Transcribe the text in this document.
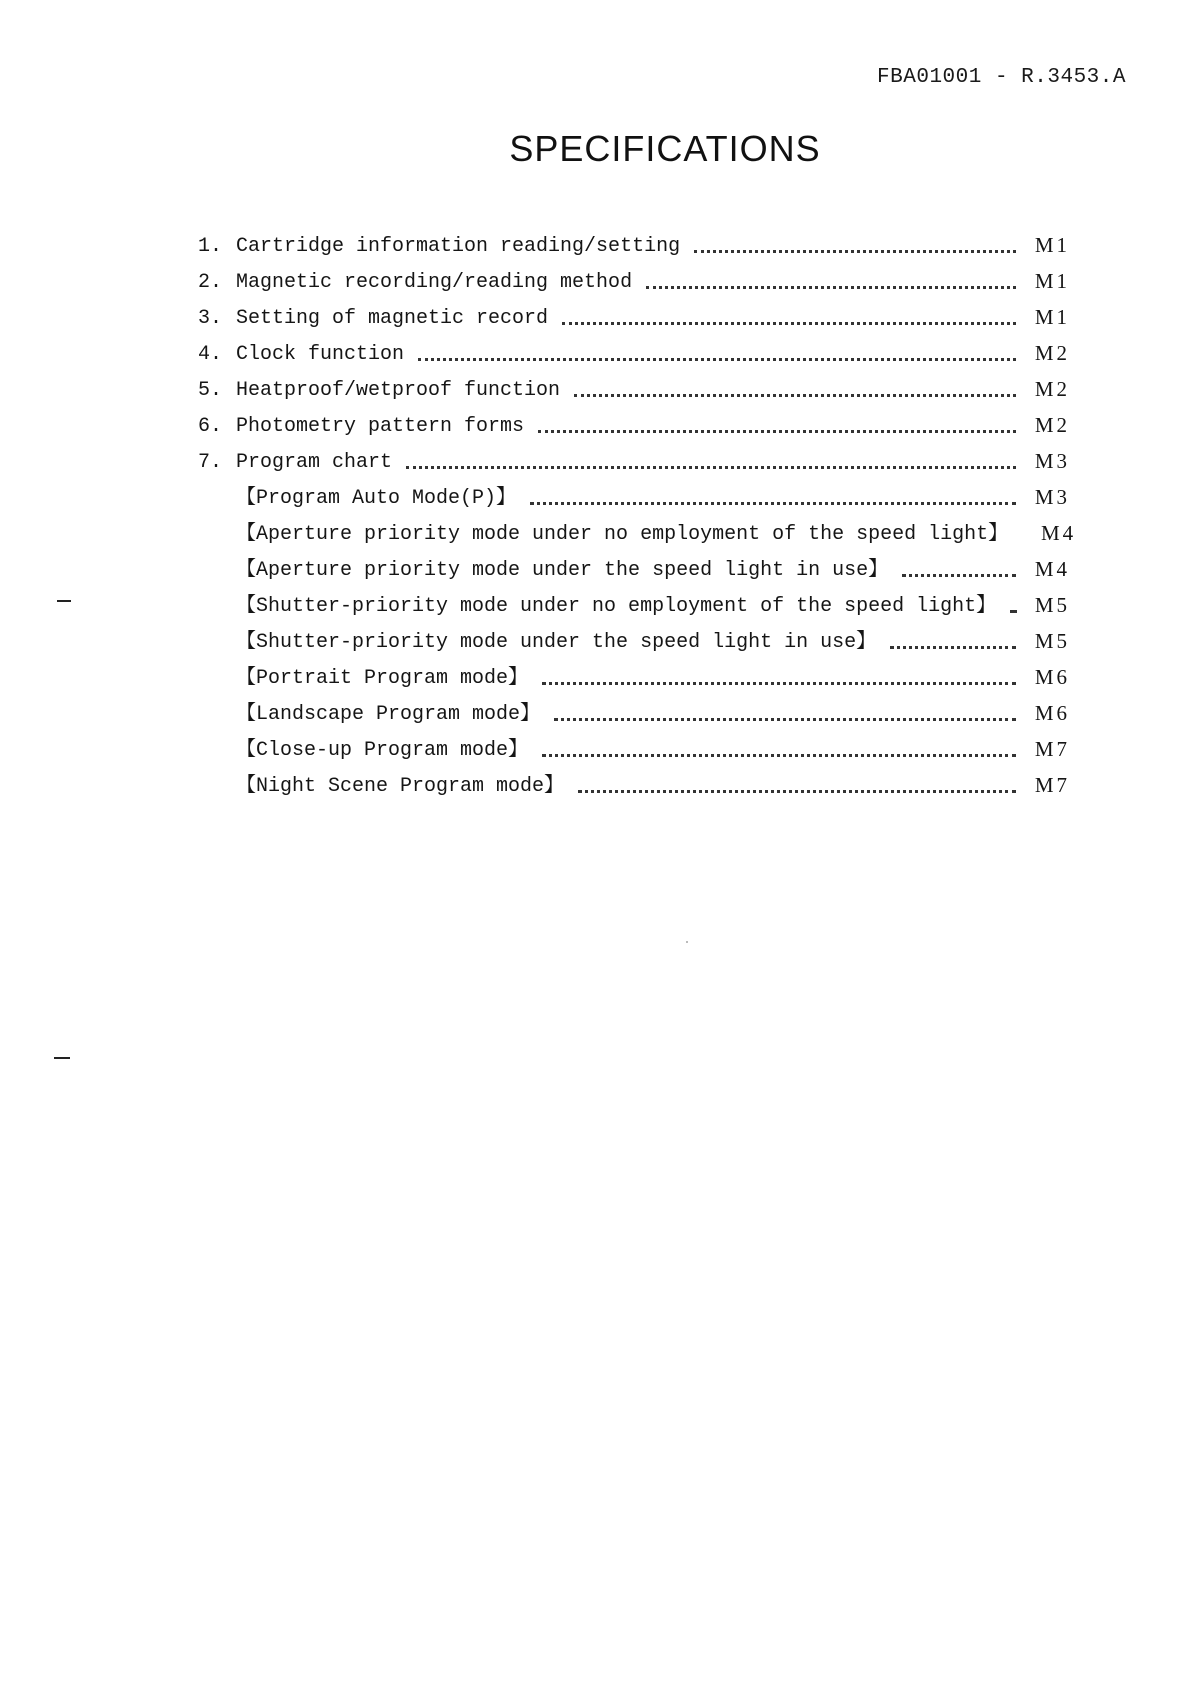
FBA01001 - R.3453.A
SPECIFICATIONS
1. Cartridge information reading/setting	M1
2. Magnetic recording/reading method	M1
3. Setting of magnetic record	M1
4. Clock function	M2
5. Heatproof/wetproof function	M2
6. Photometry pattern forms	M2
7. Program chart	M3
【Program Auto Mode(P)】	M3
【Aperture priority mode under no employment of the speed light】 M4
【Aperture priority mode under the speed light in use】	M4
【Shutter-priority mode under no employment of the speed light】 M5
【Shutter-priority mode under the speed light in use】	M5
【Portrait Program mode】	M6
【Landscape Program mode】	M6
【Close-up Program mode】	M7
【Night Scene Program mode】	M7
